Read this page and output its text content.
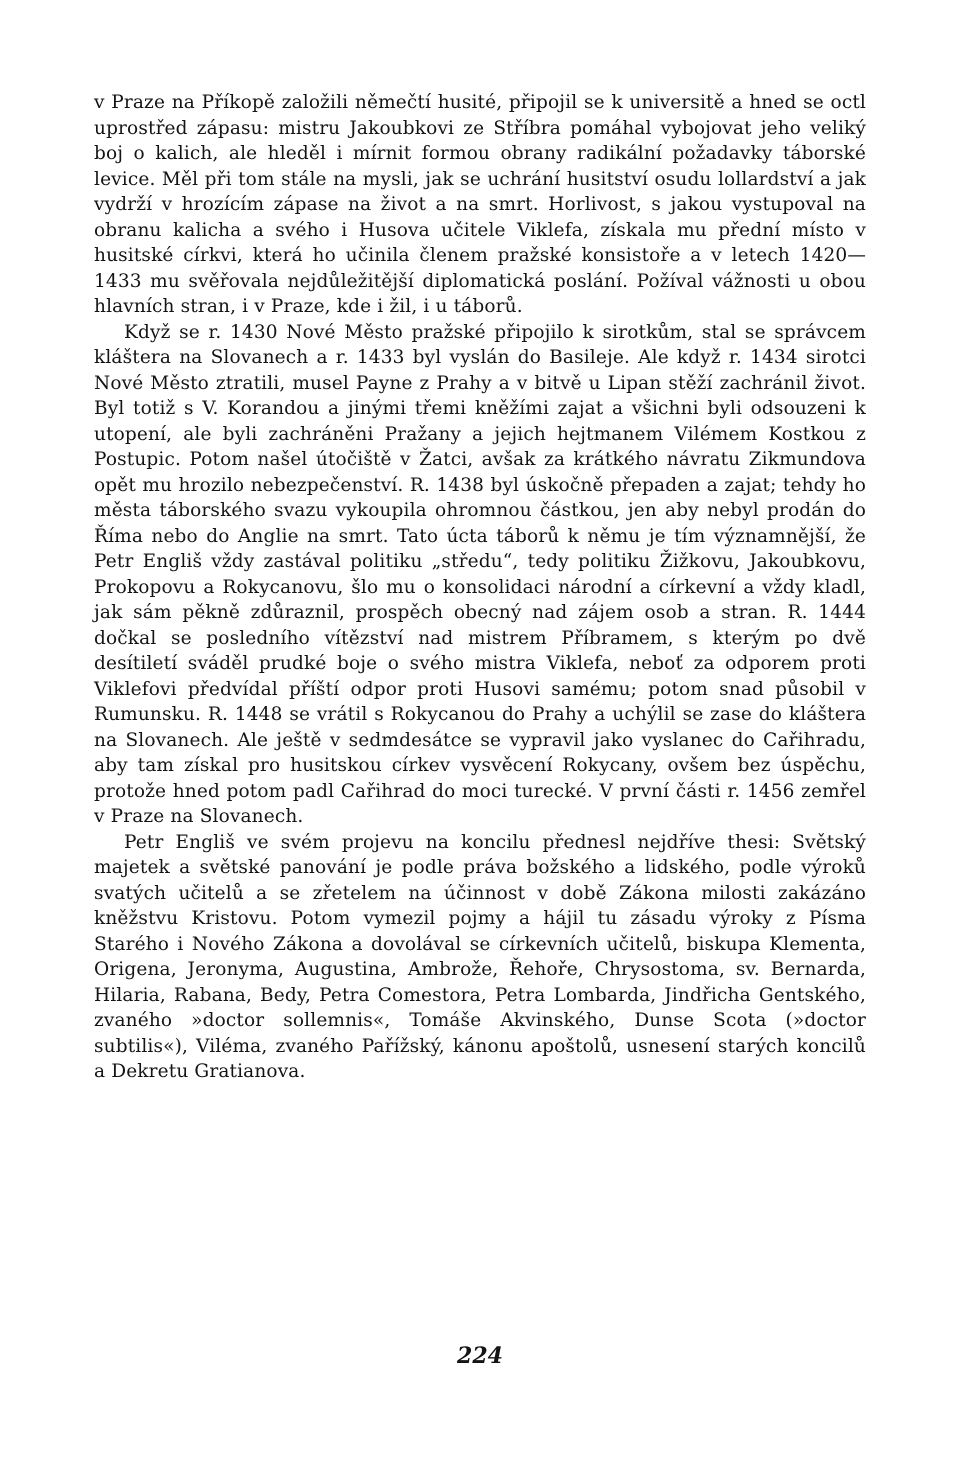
v Praze na Příkopě založili němečtí husité, připojil se k universitě a hned se octl uprostřed zápasu: mistru Jakoubkovi ze Stříbra pomáhal vybojovat jeho veliký boj o kalich, ale hleděl i mírnit formou obrany radikální požadavky táborské levice. Měl při tom stále na mysli, jak se uchrání husitství osudu lollardství a jak vydrží v hrozícím zápase na život a na smrt. Horlivost, s jakou vystupoval na obranu kalicha a svého i Husova učitele Viklefa, získala mu přední místo v husitské církvi, která ho učinila členem pražské konsistoře a v letech 1420—1433 mu svěřovala nejdůležitější diplomatická poslání. Požíval vážnosti u obou hlavních stran, i v Praze, kde i žil, i u táborů.

Když se r. 1430 Nové Město pražské připojilo k sirotkům, stal se správcem kláštera na Slovanech a r. 1433 byl vyslán do Basileje. Ale když r. 1434 sirotci Nové Město ztratili, musel Payne z Prahy a v bitvě u Lipan stěží zachránil život. Byl totiž s V. Korandou a jinými třemi kněžími zajat a všichni byli odsouzeni k utopení, ale byli zachráněni Pražany a jejich hejtmanem Vilémem Kostkou z Postupic. Potom našel útočiště v Žatci, avšak za krátkého návratu Zikmundova opět mu hrozilo nebezpečenství. R. 1438 byl úskočně přepaden a zajat; tehdy ho města táborského svazu vykoupila ohromnou částkou, jen aby nebyl prodán do Říma nebo do Anglie na smrt. Tato úcta táborů k němu je tím významnější, že Petr Engliš vždy zastával politiku „středu“, tedy politiku Žižkovu, Jakoubkovu, Prokopovu a Rokycanovu, šlo mu o konsolidaci národní a církevní a vždy kladl, jak sám pěkně zdůraznil, prospěch obecný nad zájem osob a stran. R. 1444 dočkal se posledního vítězství nad mistrem Příbramem, s kterým po dvě desítiletí sváděl prudké boje o svého mistra Viklefa, neboť za odporem proti Viklefovi předvídal příští odpor proti Husovi samému; potom snad působil v Rumunsku. R. 1448 se vrátil s Rokycanou do Prahy a uchýlil se zase do kláštera na Slovanech. Ale ještě v sedmdesátce se vypravil jako vyslanec do Cařihradu, aby tam získal pro husitskou církev vysvěcení Rokycany, ovšem bez úspěchu, protože hned potom padl Cařihrad do moci turecké. V první části r. 1456 zemřel v Praze na Slovanech.

Petr Engliš ve svém projevu na koncilu přednesl nejdříve thesi: Světský majetek a světské panování je podle práva božského a lidského, podle výroků svatých učitelů a se zřetelem na účinnost v době Zákona milosti zakázáno kněžstvu Kristovu. Potom vymezil pojmy a hájil tu zásadu výroky z Písma Starého i Nového Zákona a dovolával se církevních učitelů, biskupa Klementa, Origena, Jeronyma, Augustina, Ambrože, Řehoře, Chrysostoma, sv. Bernarda, Hilaria, Rabana, Bedy, Petra Comestora, Petra Lombarda, Jindřicha Gentského, zvaného »doctor sollemnis«, Tomáše Akvinského, Dunse Scota (»doctor subtilis«), Viléma, zvaného Pařížský, kánonu apoštolů, usnesení starých koncilů a Dekretu Gratianova.

224
